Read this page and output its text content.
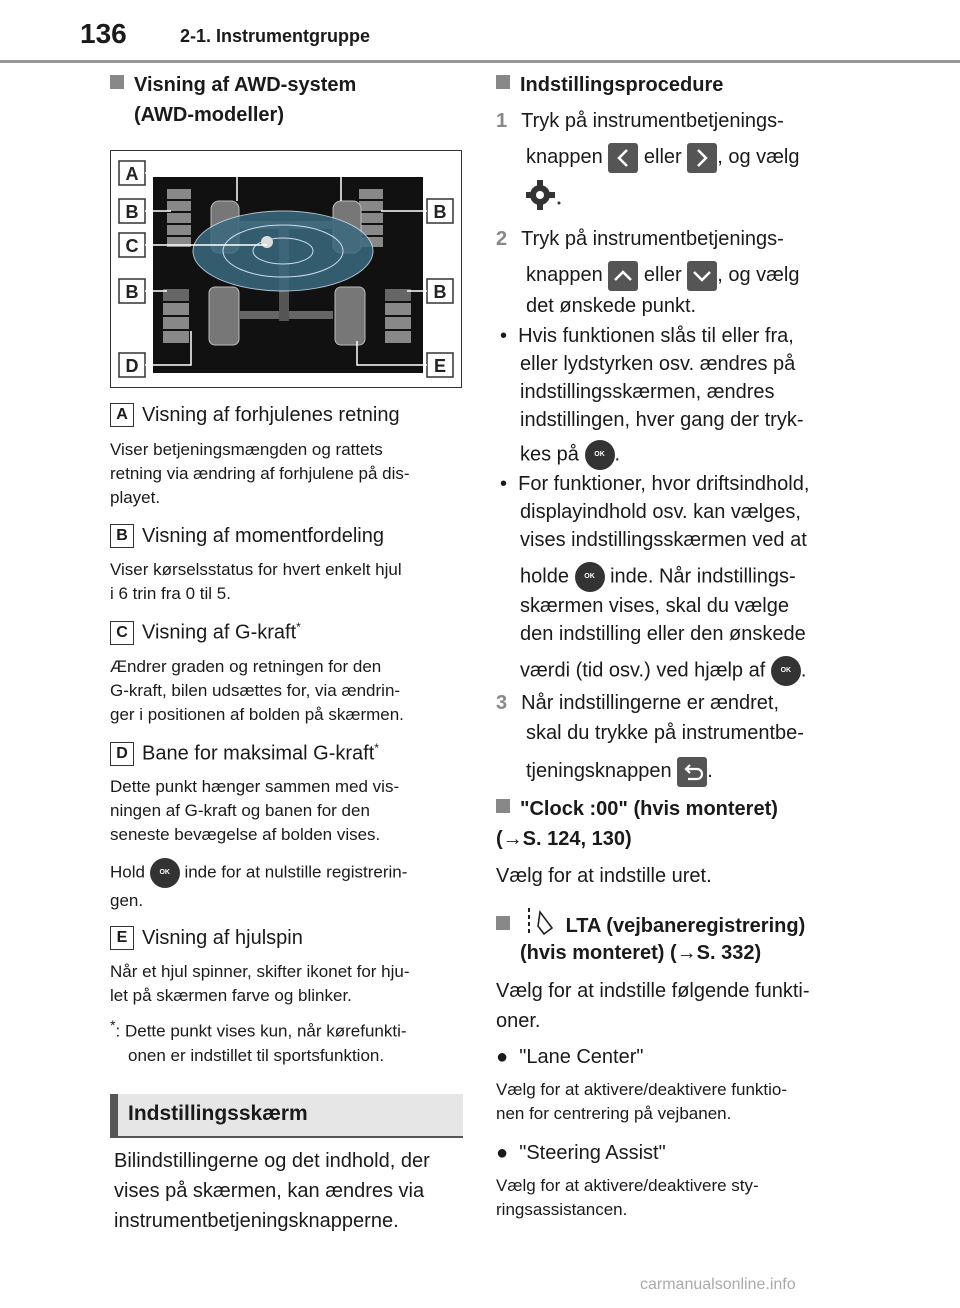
136	2-1. Instrumentgruppe
Visning af AWD-system
(AWD-modeller)
A
B
C
B
D
B
B
E
A Visning af forhjulenes retning
Viser betjeningsmængden og rattets
retning via ændring af forhjulene på dis-
playet.
B Visning af momentfordeling
Viser kørselsstatus for hvert enkelt hjul
i 6 trin fra 0 til 5.
C Visning af G-kraft*
Ændrer graden og retningen for den
G-kraft, bilen udsættes for, via ændrin-
ger i positionen af bolden på skærmen.
D Bane for maksimal G-kraft*
Dette punkt hænger sammen med vis-
ningen af G-kraft og banen for den
seneste bevægelse af bolden vises.
Hold OK inde for at nulstille registrerin-
gen.
E Visning af hjulspin
Når et hjul spinner, skifter ikonet for hju-
let på skærmen farve og blinker.
*: Dette punkt vises kun, når kørefunkti-
onen er indstillet til sportsfunktion.
Indstillingsskærm
Bilindstillingerne og det indhold, der
vises på skærmen, kan ændres via
instrumentbetjeningsknapperne.
Indstillingsprocedure
1 Tryk på instrumentbetjenings-
knappen eller , og vælg
2 Tryk på instrumentbetjenings-
knappen eller , og vælg
det ønskede punkt.
•  Hvis funktionen slås til eller fra,
eller lydstyrken osv. ændres på
indstillingsskærmen, ændres
indstillingen, hver gang der tryk-
kes på OK .
•  For funktioner, hvor driftsindhold,
displayindhold osv. kan vælges,
vises indstillingsskærmen ved at
holde OK inde. Når indstillings-
skærmen vises, skal du vælge
den indstilling eller den ønskede
værdi (tid osv.) ved hjælp af OK .
3 Når indstillingerne er ændret,
skal du trykke på instrumentbe-
tjeningsknappen .
"Clock :00" (hvis monteret)
(→S. 124, 130)
Vælg for at indstille uret.
LTA (vejbaneregistrering)
(hvis monteret) (→S. 332)
Vælg for at indstille følgende funkti-
oner.
● "Lane Center"
Vælg for at aktivere/deaktivere funktio-
nen for centrering på vejbanen.
● "Steering Assist"
Vælg for at aktivere/deaktivere sty-
ringsassistancen.
carmanualsonline.info
